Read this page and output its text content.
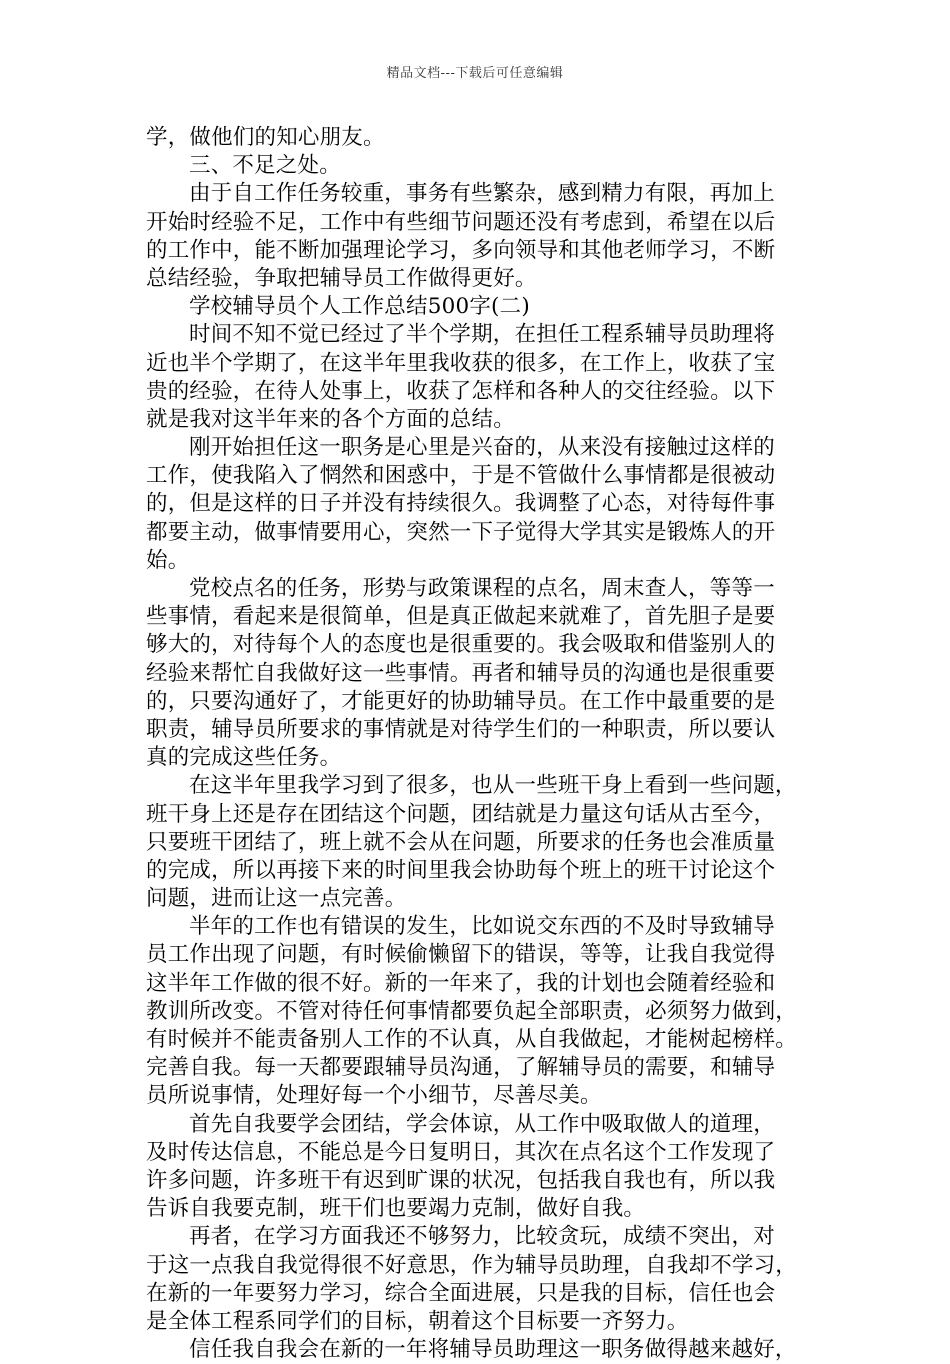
精品文档---下载后可任意编辑
学，做他们的知心朋友。
三、不足之处。
由于自工作任务较重，事务有些繁杂，感到精力有限，再加上
开始时经验不足，工作中有些细节问题还没有考虑到，希望在以后
的工作中，能不断加强理论学习，多向领导和其他老师学习，不断
总结经验，争取把辅导员工作做得更好。
学校辅导员个人工作总结500字(二)
时间不知不觉已经过了半个学期，在担任工程系辅导员助理将
近也半个学期了，在这半年里我收获的很多，在工作上，收获了宝
贵的经验，在待人处事上，收获了怎样和各种人的交往经验。以下
就是我对这半年来的各个方面的总结。
刚开始担任这一职务是心里是兴奋的，从来没有接触过这样的
工作，使我陷入了惘然和困惑中，于是不管做什么事情都是很被动
的，但是这样的日子并没有持续很久。我调整了心态，对待每件事
都要主动，做事情要用心，突然一下子觉得大学其实是锻炼人的开
始。
党校点名的任务，形势与政策课程的点名，周末查人，等等一
些事情，看起来是很简单，但是真正做起来就难了，首先胆子是要
够大的，对待每个人的态度也是很重要的。我会吸取和借鉴别人的
经验来帮忙自我做好这一些事情。再者和辅导员的沟通也是很重要
的，只要沟通好了，才能更好的协助辅导员。在工作中最重要的是
职责，辅导员所要求的事情就是对待学生们的一种职责，所以要认
真的完成这些任务。
在这半年里我学习到了很多，也从一些班干身上看到一些问题，
班干身上还是存在团结这个问题，团结就是力量这句话从古至今，
只要班干团结了，班上就不会从在问题，所要求的任务也会准质量
的完成，所以再接下来的时间里我会协助每个班上的班干讨论这个
问题，进而让这一点完善。
半年的工作也有错误的发生，比如说交东西的不及时导致辅导
员工作出现了问题，有时候偷懒留下的错误，等等，让我自我觉得
这半年工作做的很不好。新的一年来了，我的计划也会随着经验和
教训所改变。不管对待任何事情都要负起全部职责，必须努力做到，
有时候并不能责备别人工作的不认真，从自我做起，才能树起榜样。
完善自我。每一天都要跟辅导员沟通，了解辅导员的需要，和辅导
员所说事情，处理好每一个小细节，尽善尽美。
首先自我要学会团结，学会体谅，从工作中吸取做人的道理，
及时传达信息，不能总是今日复明日，其次在点名这个工作发现了
许多问题，许多班干有迟到旷课的状况，包括我自我也有，所以我
告诉自我要克制，班干们也要竭力克制，做好自我。
再者，在学习方面我还不够努力，比较贪玩，成绩不突出，对
于这一点我自我觉得很不好意思，作为辅导员助理，自我却不学习，
在新的一年要努力学习，综合全面进展，只是我的目标，信任也会
是全体工程系同学们的目标，朝着这个目标要一齐努力。
信任我自我会在新的一年将辅导员助理这一职务做得越来越好，
